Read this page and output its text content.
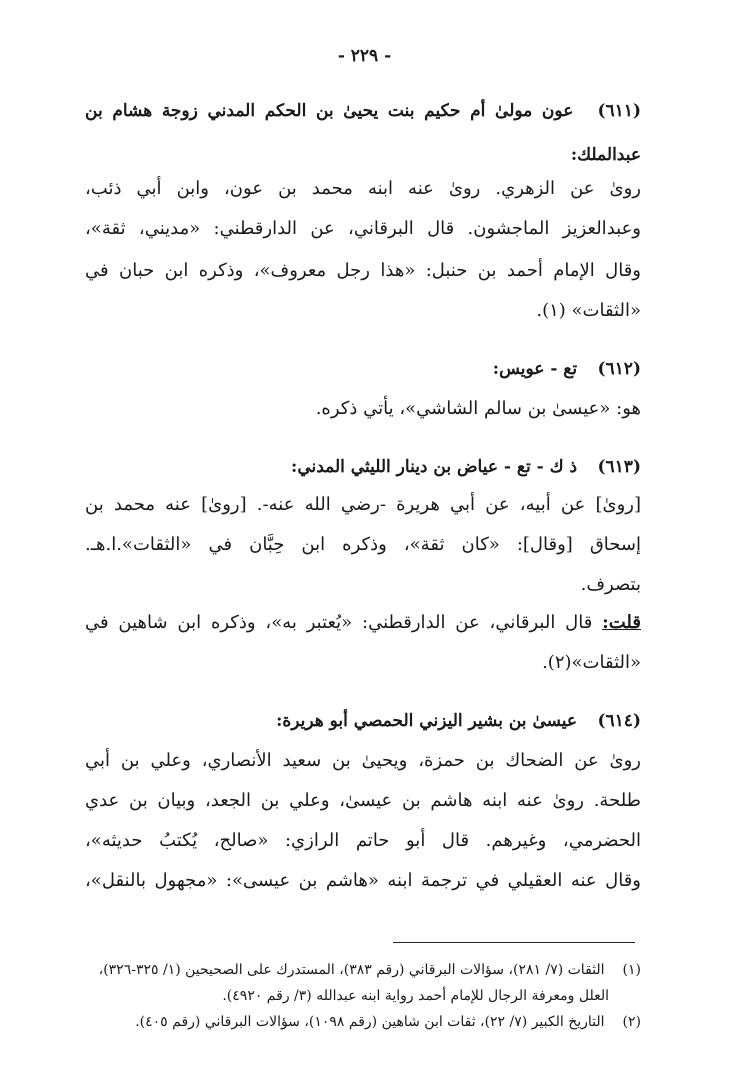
- ٢٢٩ -
(٦١١) عون مولىٰ أم حكيم بنت يحيىٰ بن الحكم المدني زوجة هشام بن
عبدالملك:
رویٰ عن الزهري. رویٰ عنه ابنه محمد بن عون، وابن أبي ذئب،
وعبدالعزيز الماجشون. قال البرقاني، عن الدارقطني: «مديني، ثقة»،
وقال الإمام أحمد بن حنبل: «هذا رجل معروف»، وذكره ابن حبان في
«الثقات» (١).
(٦١٢) تع - عويس:
هو: «عيسىٰ بن سالم الشاشي»، يأتي ذكره.
(٦١٣) ذ ك - تع - عياض بن دينار الليثي المدني:
[رویٰ] عن أبيه، عن أبي هريرة -رضي الله عنه-. [رویٰ] عنه محمد بن
إسحاق [وقال]: «كان ثقة»، وذكره ابن حِبَّان في «الثقات».ا.هـ.
بتصرف.
قلت: قال البرقاني، عن الدارقطني: «يُعتبر به»، وذكره ابن شاهين في
«الثقات»(٢).
(٦١٤) عيسىٰ بن بشير اليزني الحمصي أبو هريرة:
رویٰ عن الضحاك بن حمزة، ويحيىٰ بن سعيد الأنصاري، وعلي بن أبي
طلحة. رویٰ عنه ابنه هاشم بن عيسىٰ، وعلي بن الجعد، وبيان بن عدي
الحضرمي، وغيرهم. قال أبو حاتم الرازي: «صالح، يُكتبُ حديثه»،
وقال عنه العقيلي في ترجمة ابنه «هاشم بن عيسى»: «مجهول بالنقل»،
(١) الثقات (٧/ ٢٨١)، سؤالات البرقاني (رقم ٣٨٣)، المستدرك على الصحيحين (١/ ٣٢٥-٣٢٦)،
العلل ومعرفة الرجال للإمام أحمد رواية ابنه عبدالله (٣/ رقم ٤٩٢٠).
(٢) التاريخ الكبير (٧/ ٢٢)، ثقات ابن شاهين (رقم ١٠٩٨)، سؤالات البرقاني (رقم ٤٠٥).
